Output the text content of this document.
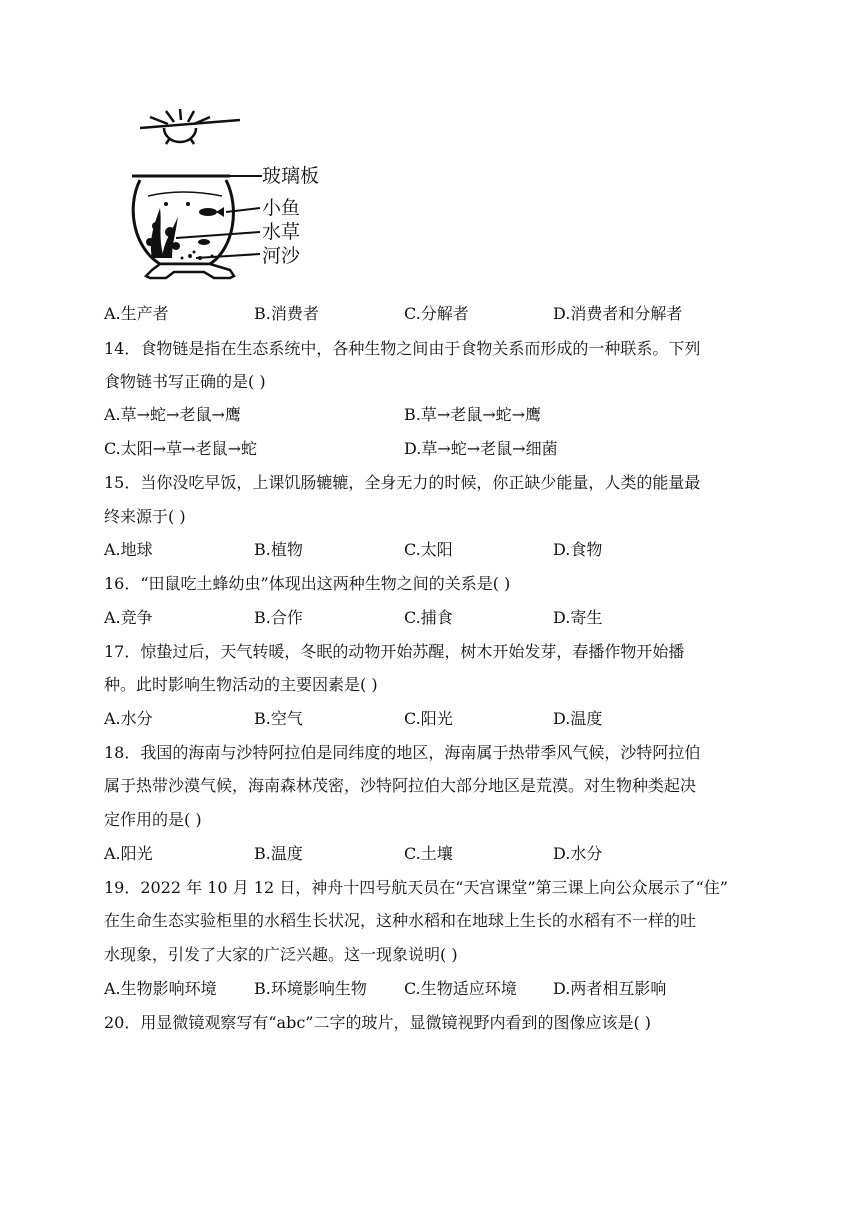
玻璃板
小鱼
水草
河沙
A.生产者	B.消费者	C.分解者	D.消费者和分解者
14．食物链是指在生态系统中，各种生物之间由于食物关系而形成的一种联系。下列
食物链书写正确的是( )
A.草→蛇→老鼠→鹰	B.草→老鼠→蛇→鹰
C.太阳→草→老鼠→蛇	D.草→蛇→老鼠→细菌
15．当你没吃早饭，上课饥肠辘辘，全身无力的时候，你正缺少能量，人类的能量最
终来源于( )
A.地球	B.植物	C.太阳	D.食物
16．“田鼠吃土蜂幼虫”体现出这两种生物之间的关系是( )
A.竞争	B.合作	C.捕食	D.寄生
17．惊蛰过后，天气转暖，冬眠的动物开始苏醒，树木开始发芽，春播作物开始播
种。此时影响生物活动的主要因素是( )
A.水分	B.空气	C.阳光	D.温度
18．我国的海南与沙特阿拉伯是同纬度的地区，海南属于热带季风气候，沙特阿拉伯
属于热带沙漠气候，海南森林茂密，沙特阿拉伯大部分地区是荒漠。对生物种类起决
定作用的是( )
A.阳光	B.温度	C.土壤	D.水分
19．2022 年 10 月 12 日，神舟十四号航天员在“天宫课堂”第三课上向公众展示了“住”
在生命生态实验柜里的水稻生长状况，这种水稻和在地球上生长的水稻有不一样的吐
水现象，引发了大家的广泛兴趣。这一现象说明( )
A.生物影响环境 B.环境影响生物 C.生物适应环境 D.两者相互影响
20．用显微镜观察写有“abc”二字的玻片，显微镜视野内看到的图像应该是( )
